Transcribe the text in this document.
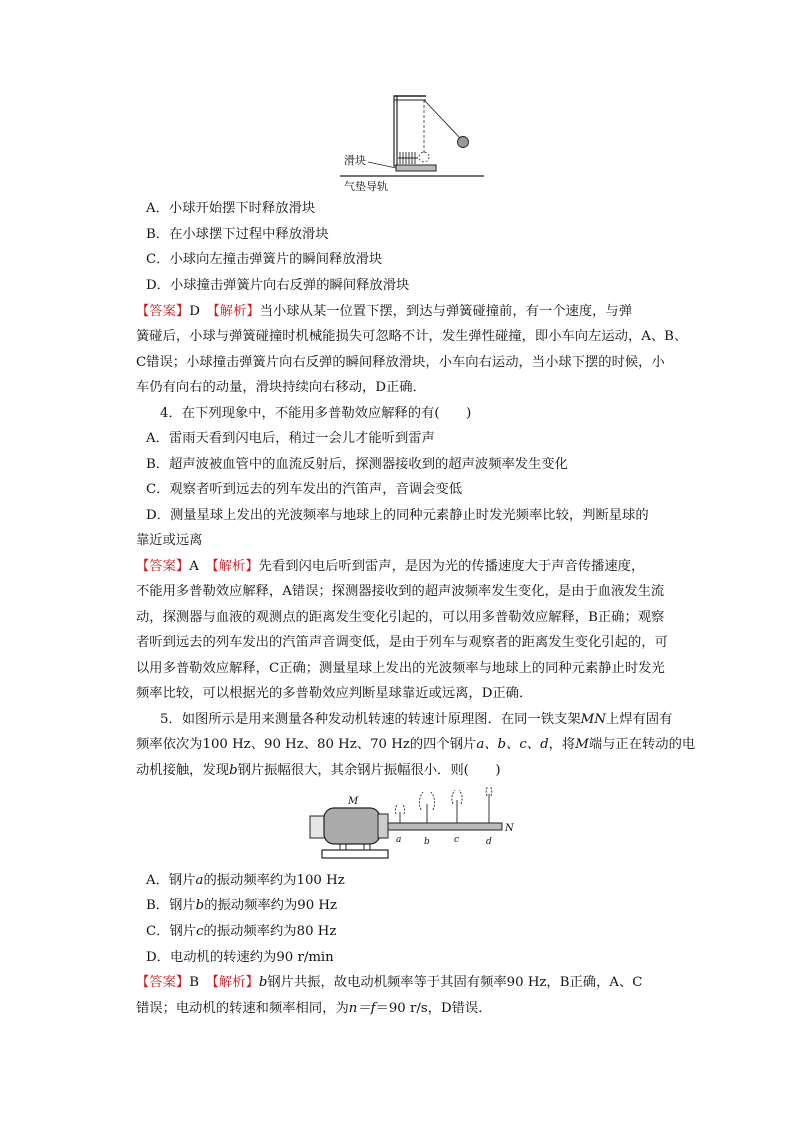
滑块
气垫导轨
A．小球开始摆下时释放滑块
B．在小球摆下过程中释放滑块
C．小球向左撞击弹簧片的瞬间释放滑块
D．小球撞击弹簧片向右反弹的瞬间释放滑块
【答案】D　 【解析】当小球从某一位置下摆，到达与弹簧碰撞前，有一个速度，与弹
簧碰后，小球与弹簧碰撞时机械能损失可忽略不计，发生弹性碰撞，即小车向左运动，A、B、
C错误；小球撞击弹簧片向右反弹的瞬间释放滑块，小车向右运动，当小球下摆的时候，小
车仍有向右的动量，滑块持续向右移动，D正确．
4．在下列现象中，不能用多普勒效应解释的有(　　)
A．雷雨天看到闪电后，稍过一会儿才能听到雷声
B．超声波被血管中的血流反射后，探测器接收到的超声波频率发生变化
C．观察者听到远去的列车发出的汽笛声，音调会变低
D．测量星球上发出的光波频率与地球上的同种元素静止时发光频率比较，判断星球的
靠近或远离
【答案】A　 【解析】先看到闪电后听到雷声，是因为光的传播速度大于声音传播速度，
不能用多普勒效应解释，A错误；探测器接收到的超声波频率发生变化，是由于血液发生流
动，探测器与血液的观测点的距离发生变化引起的，可以用多普勒效应解释，B正确；观察
者听到远去的列车发出的汽笛声音调变低，是由于列车与观察者的距离发生变化引起的，可
以用多普勒效应解释，C正确；测量星球上发出的光波频率与地球上的同种元素静止时发光
频率比较，可以根据光的多普勒效应判断星球靠近或远离，D正确．
5．如图所示是用来测量各种发动机转速的转速计原理图．在同一铁支架MN上焊有固有
频率依次为100 Hz、90 Hz、80 Hz、70 Hz的四个钢片a、b、c、d，将M端与正在转动的电
动机接触，发现b钢片振幅很大，其余钢片振幅很小．则(　　)
M
N
a	b	c	d
A．钢片a的振动频率约为100 Hz
B．钢片b的振动频率约为90 Hz
C．钢片c的振动频率约为80 Hz
D．电动机的转速约为90 r/min
【答案】B　 【解析】b钢片共振，故电动机频率等于其固有频率90 Hz，B正确，A、C
错误；电动机的转速和频率相同，为n＝f＝90 r/s，D错误．
